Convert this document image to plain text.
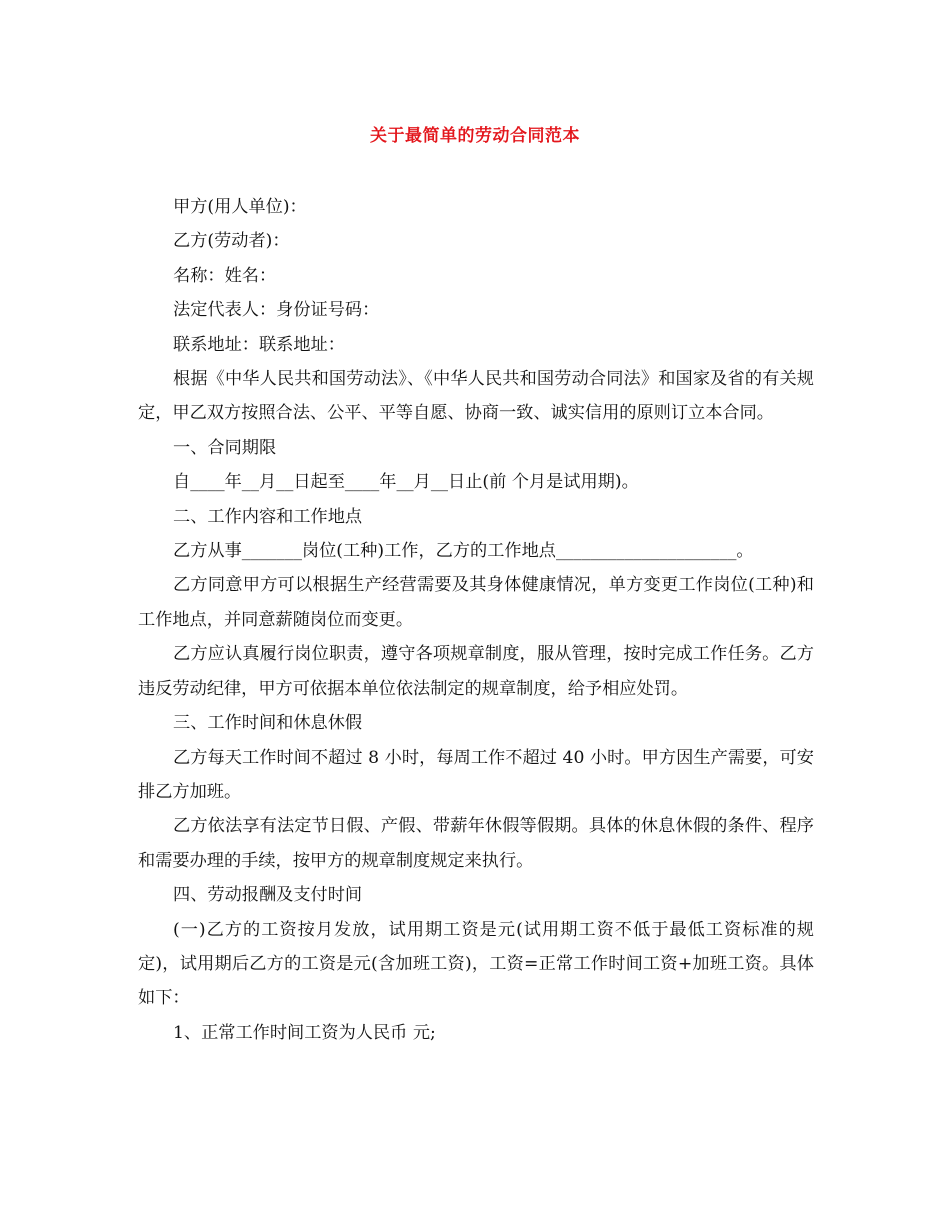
关于最简单的劳动合同范本

甲方(用人单位)：

乙方(劳动者)：

名称：姓名：

法定代表人：身份证号码：

联系地址：联系地址：

根据《中华人民共和国劳动法》、《中华人民共和国劳动合同法》和国家及省的有关规定，甲乙双方按照合法、公平、平等自愿、协商一致、诚实信用的原则订立本合同。

一、合同期限

自____年__月__日起至____年__月__日止(前 个月是试用期)。

二、工作内容和工作地点

乙方从事_______岗位(工种)工作，乙方的工作地点_____________________。

乙方同意甲方可以根据生产经营需要及其身体健康情况，单方变更工作岗位(工种)和工作地点，并同意薪随岗位而变更。

乙方应认真履行岗位职责，遵守各项规章制度，服从管理，按时完成工作任务。乙方违反劳动纪律，甲方可依据本单位依法制定的规章制度，给予相应处罚。

三、工作时间和休息休假

乙方每天工作时间不超过 8 小时，每周工作不超过 40 小时。甲方因生产需要，可安排乙方加班。

乙方依法享有法定节日假、产假、带薪年休假等假期。具体的休息休假的条件、程序和需要办理的手续，按甲方的规章制度规定来执行。

四、劳动报酬及支付时间

(一)乙方的工资按月发放，试用期工资是元(试用期工资不低于最低工资标准的规定)，试用期后乙方的工资是元(含加班工资)，工资=正常工作时间工资+加班工资。具体如下：

1、正常工作时间工资为人民币 元;
